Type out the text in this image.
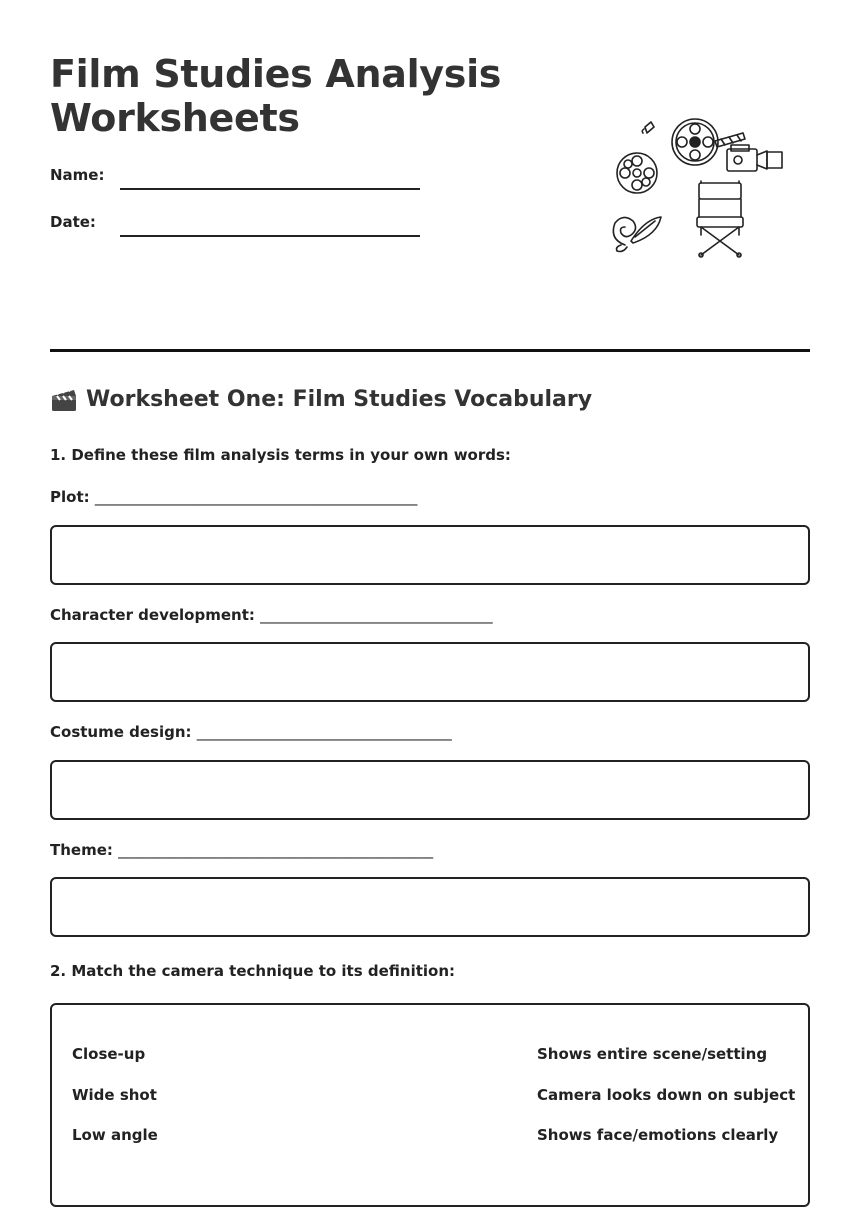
Film Studies Analysis
Worksheets
Name:
Date:
Worksheet One: Film Studies Vocabulary
1. Define these film analysis terms in your own words:
Plot: ___________________________________________
Character development: _______________________________
Costume design: __________________________________
Theme: __________________________________________
2. Match the camera technique to its definition:
Close-up
Wide shot
Low angle
Shows entire scene/setting
Camera looks down on subject
Shows face/emotions clearly
